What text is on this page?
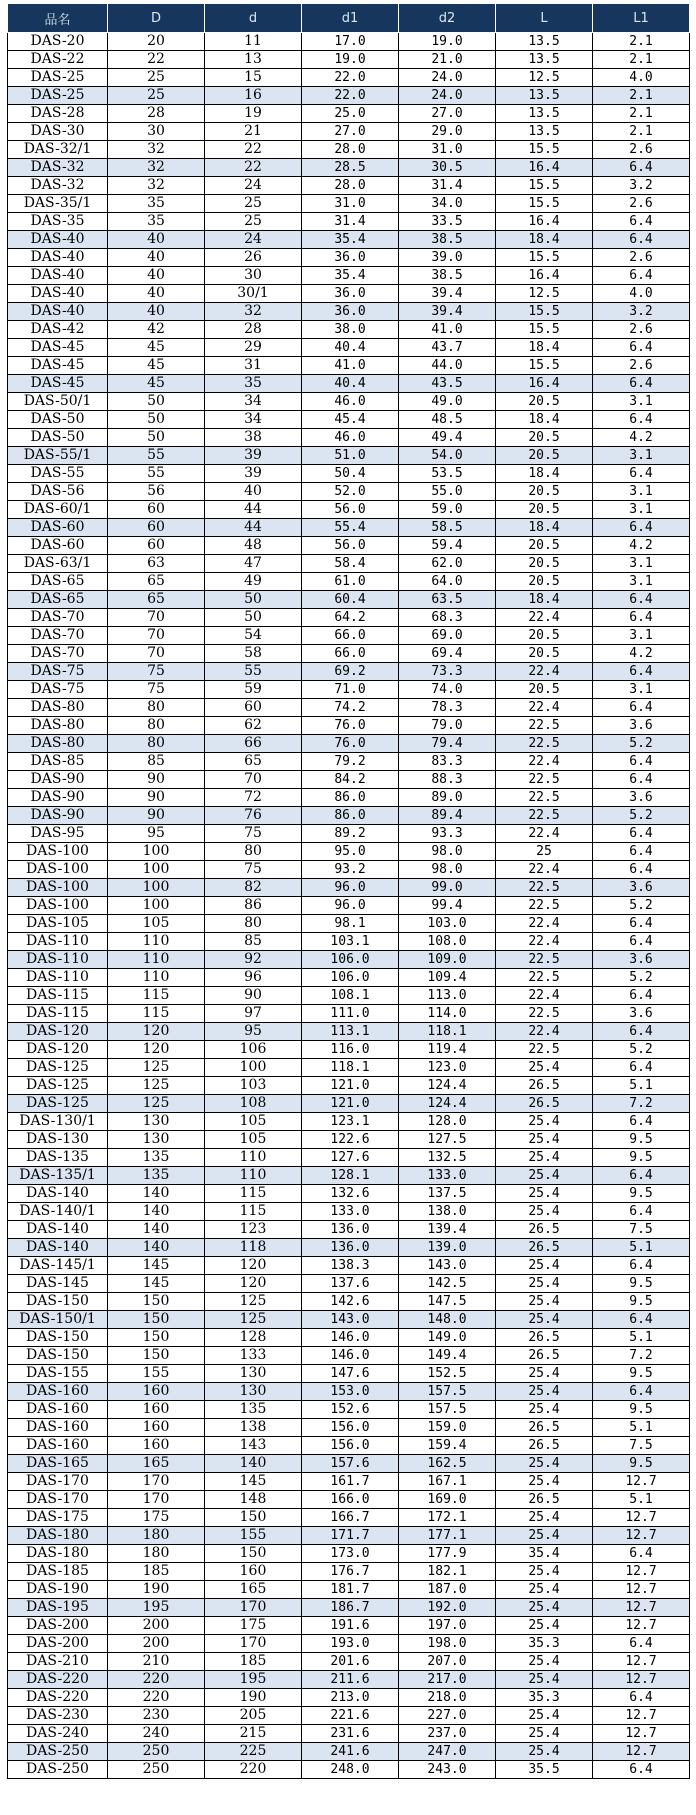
品名	D	d	d1	d2	L	L1
DAS-20	20	11	17.0	19.0	13.5	2.1
DAS-22	22	13	19.0	21.0	13.5	2.1
DAS-25	25	15	22.0	24.0	12.5	4.0
DAS-25	25	16	22.0	24.0	13.5	2.1
DAS-28	28	19	25.0	27.0	13.5	2.1
DAS-30	30	21	27.0	29.0	13.5	2.1
DAS-32/1	32	22	28.0	31.0	15.5	2.6
DAS-32	32	22	28.5	30.5	16.4	6.4
DAS-32	32	24	28.0	31.4	15.5	3.2
DAS-35/1	35	25	31.0	34.0	15.5	2.6
DAS-35	35	25	31.4	33.5	16.4	6.4
DAS-40	40	24	35.4	38.5	18.4	6.4
DAS-40	40	26	36.0	39.0	15.5	2.6
DAS-40	40	30	35.4	38.5	16.4	6.4
DAS-40	40	30/1	36.0	39.4	12.5	4.0
DAS-40	40	32	36.0	39.4	15.5	3.2
DAS-42	42	28	38.0	41.0	15.5	2.6
DAS-45	45	29	40.4	43.7	18.4	6.4
DAS-45	45	31	41.0	44.0	15.5	2.6
DAS-45	45	35	40.4	43.5	16.4	6.4
DAS-50/1	50	34	46.0	49.0	20.5	3.1
DAS-50	50	34	45.4	48.5	18.4	6.4
DAS-50	50	38	46.0	49.4	20.5	4.2
DAS-55/1	55	39	51.0	54.0	20.5	3.1
DAS-55	55	39	50.4	53.5	18.4	6.4
DAS-56	56	40	52.0	55.0	20.5	3.1
DAS-60/1	60	44	56.0	59.0	20.5	3.1
DAS-60	60	44	55.4	58.5	18.4	6.4
DAS-60	60	48	56.0	59.4	20.5	4.2
DAS-63/1	63	47	58.4	62.0	20.5	3.1
DAS-65	65	49	61.0	64.0	20.5	3.1
DAS-65	65	50	60.4	63.5	18.4	6.4
DAS-70	70	50	64.2	68.3	22.4	6.4
DAS-70	70	54	66.0	69.0	20.5	3.1
DAS-70	70	58	66.0	69.4	20.5	4.2
DAS-75	75	55	69.2	73.3	22.4	6.4
DAS-75	75	59	71.0	74.0	20.5	3.1
DAS-80	80	60	74.2	78.3	22.4	6.4
DAS-80	80	62	76.0	79.0	22.5	3.6
DAS-80	80	66	76.0	79.4	22.5	5.2
DAS-85	85	65	79.2	83.3	22.4	6.4
DAS-90	90	70	84.2	88.3	22.5	6.4
DAS-90	90	72	86.0	89.0	22.5	3.6
DAS-90	90	76	86.0	89.4	22.5	5.2
DAS-95	95	75	89.2	93.3	22.4	6.4
DAS-100	100	80	95.0	98.0	25	6.4
DAS-100	100	75	93.2	98.0	22.4	6.4
DAS-100	100	82	96.0	99.0	22.5	3.6
DAS-100	100	86	96.0	99.4	22.5	5.2
DAS-105	105	80	98.1	103.0	22.4	6.4
DAS-110	110	85	103.1	108.0	22.4	6.4
DAS-110	110	92	106.0	109.0	22.5	3.6
DAS-110	110	96	106.0	109.4	22.5	5.2
DAS-115	115	90	108.1	113.0	22.4	6.4
DAS-115	115	97	111.0	114.0	22.5	3.6
DAS-120	120	95	113.1	118.1	22.4	6.4
DAS-120	120	106	116.0	119.4	22.5	5.2
DAS-125	125	100	118.1	123.0	25.4	6.4
DAS-125	125	103	121.0	124.4	26.5	5.1
DAS-125	125	108	121.0	124.4	26.5	7.2
DAS-130/1	130	105	123.1	128.0	25.4	6.4
DAS-130	130	105	122.6	127.5	25.4	9.5
DAS-135	135	110	127.6	132.5	25.4	9.5
DAS-135/1	135	110	128.1	133.0	25.4	6.4
DAS-140	140	115	132.6	137.5	25.4	9.5
DAS-140/1	140	115	133.0	138.0	25.4	6.4
DAS-140	140	123	136.0	139.4	26.5	7.5
DAS-140	140	118	136.0	139.0	26.5	5.1
DAS-145/1	145	120	138.3	143.0	25.4	6.4
DAS-145	145	120	137.6	142.5	25.4	9.5
DAS-150	150	125	142.6	147.5	25.4	9.5
DAS-150/1	150	125	143.0	148.0	25.4	6.4
DAS-150	150	128	146.0	149.0	26.5	5.1
DAS-150	150	133	146.0	149.4	26.5	7.2
DAS-155	155	130	147.6	152.5	25.4	9.5
DAS-160	160	130	153.0	157.5	25.4	6.4
DAS-160	160	135	152.6	157.5	25.4	9.5
DAS-160	160	138	156.0	159.0	26.5	5.1
DAS-160	160	143	156.0	159.4	26.5	7.5
DAS-165	165	140	157.6	162.5	25.4	9.5
DAS-170	170	145	161.7	167.1	25.4	12.7
DAS-170	170	148	166.0	169.0	26.5	5.1
DAS-175	175	150	166.7	172.1	25.4	12.7
DAS-180	180	155	171.7	177.1	25.4	12.7
DAS-180	180	150	173.0	177.9	35.4	6.4
DAS-185	185	160	176.7	182.1	25.4	12.7
DAS-190	190	165	181.7	187.0	25.4	12.7
DAS-195	195	170	186.7	192.0	25.4	12.7
DAS-200	200	175	191.6	197.0	25.4	12.7
DAS-200	200	170	193.0	198.0	35.3	6.4
DAS-210	210	185	201.6	207.0	25.4	12.7
DAS-220	220	195	211.6	217.0	25.4	12.7
DAS-220	220	190	213.0	218.0	35.3	6.4
DAS-230	230	205	221.6	227.0	25.4	12.7
DAS-240	240	215	231.6	237.0	25.4	12.7
DAS-250	250	225	241.6	247.0	25.4	12.7
DAS-250	250	220	248.0	243.0	35.5	6.4
